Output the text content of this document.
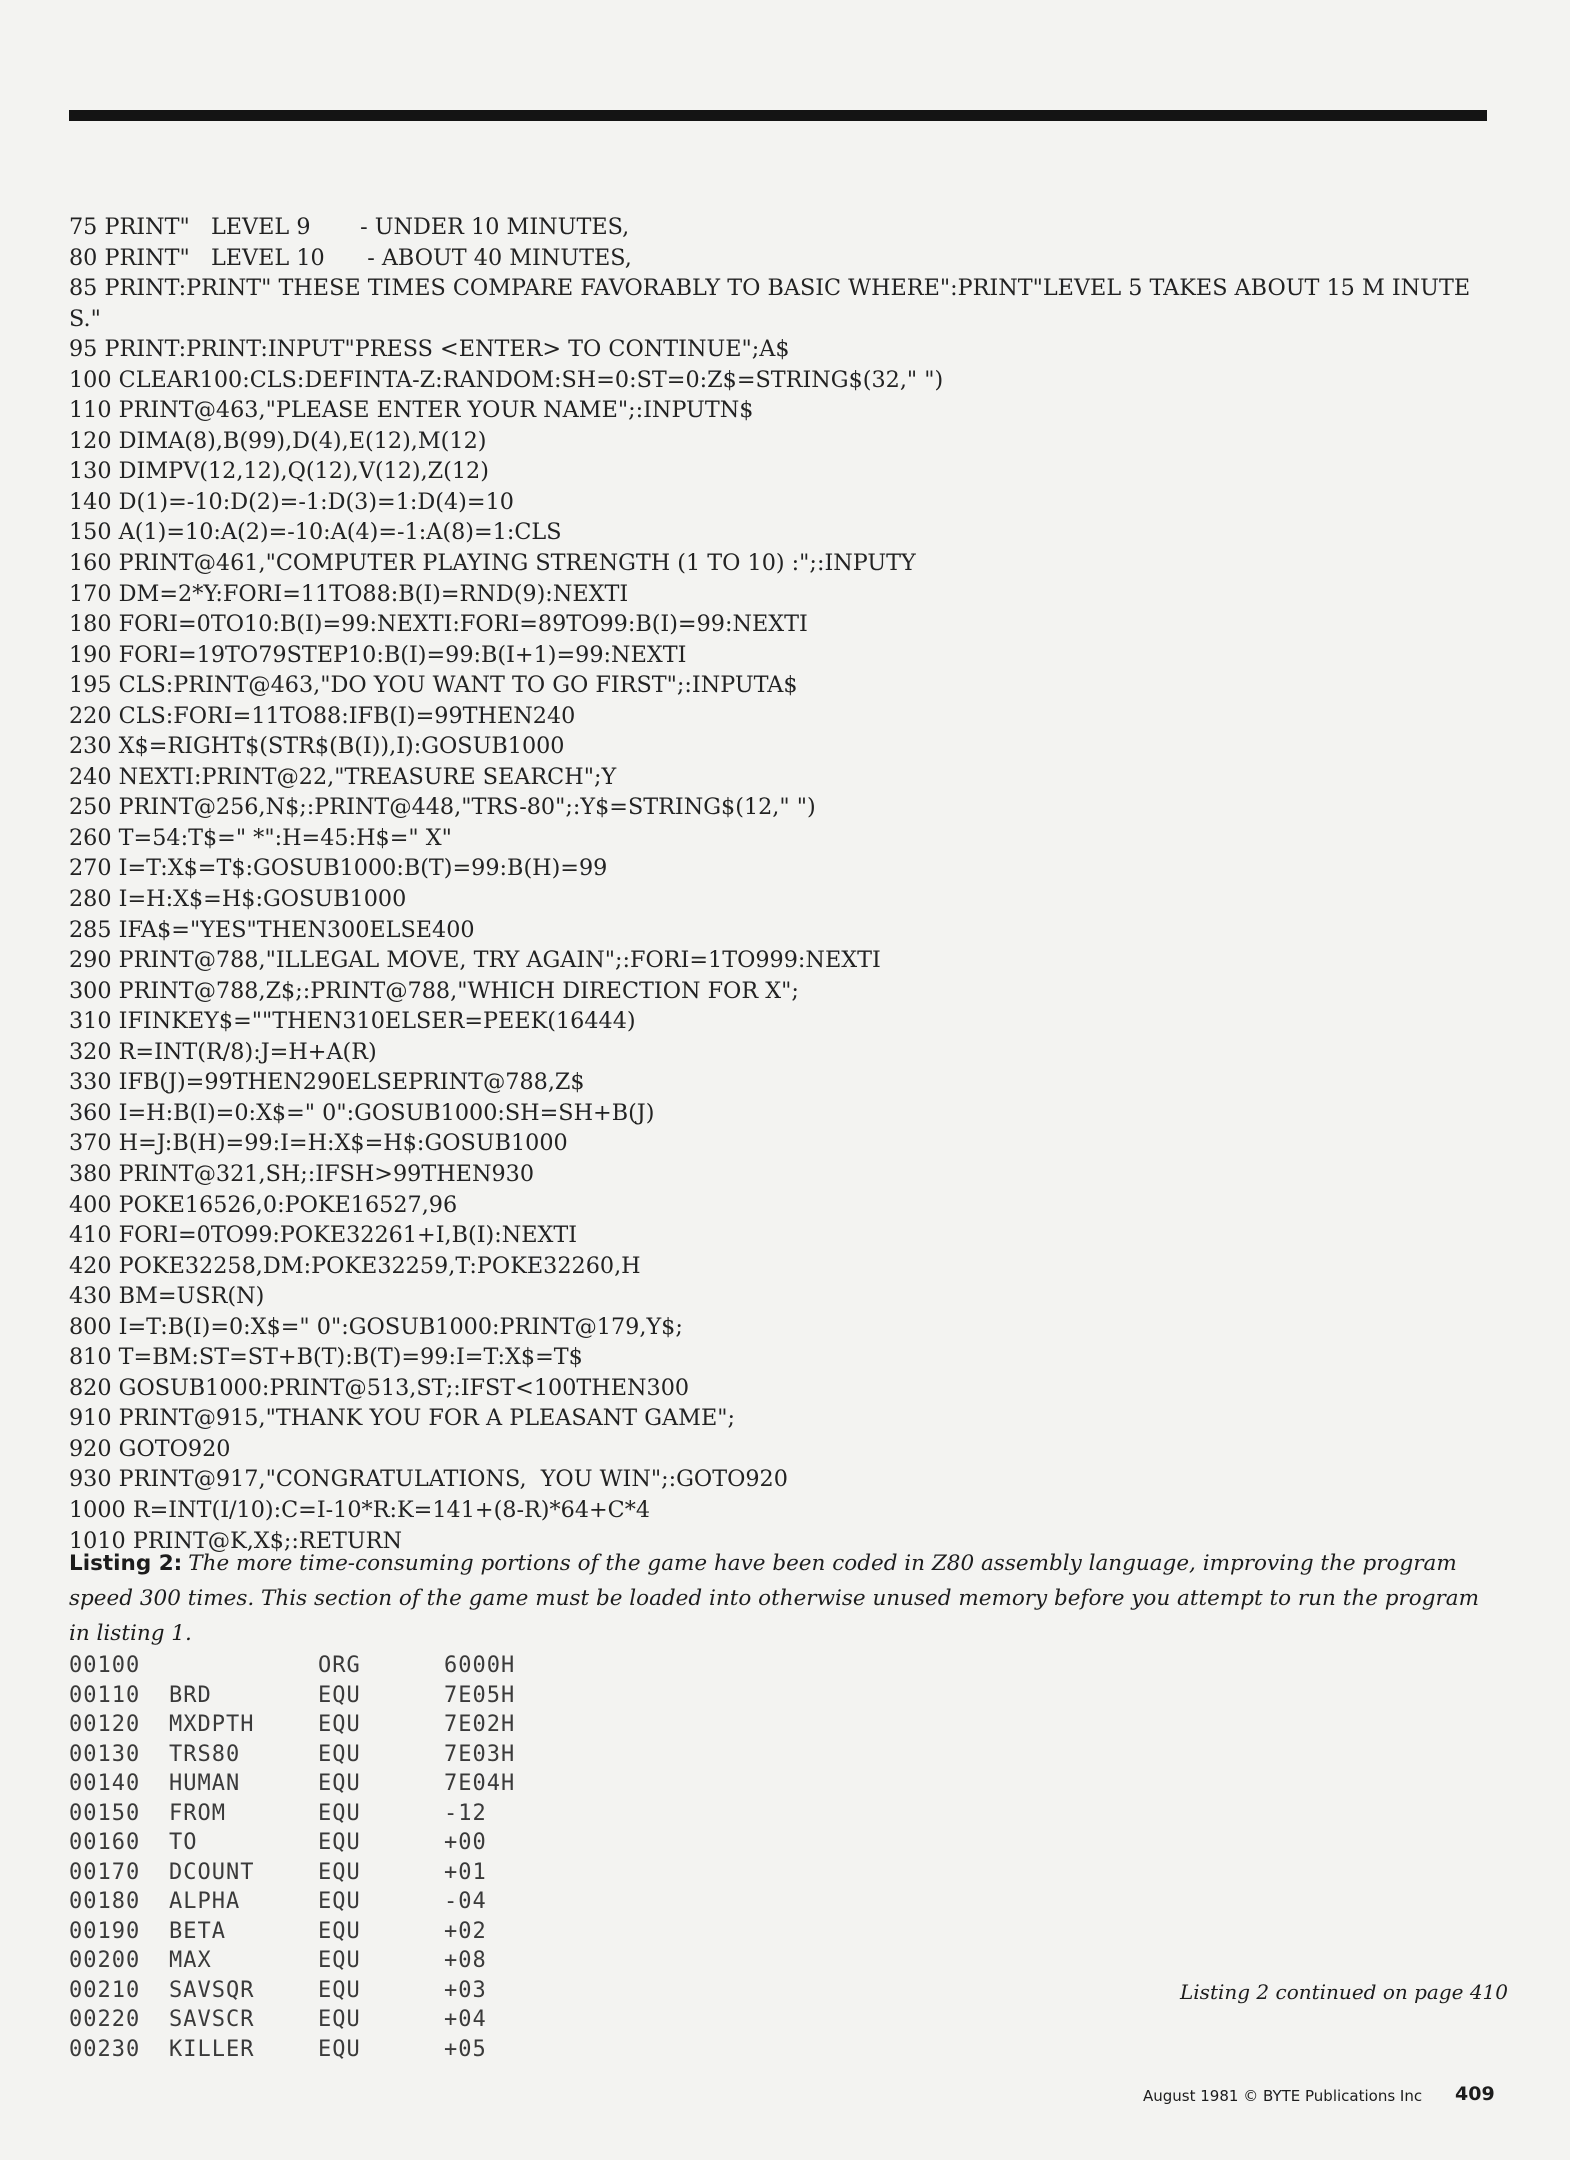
75 PRINT"   LEVEL 9       - UNDER 10 MINUTES,
80 PRINT"   LEVEL 10      - ABOUT 40 MINUTES,
85 PRINT:PRINT" THESE TIMES COMPARE FAVORABLY TO BASIC WHERE":PRINT"LEVEL 5 TAKES ABOUT 15 M INUTES."
95 PRINT:PRINT:INPUT"PRESS <ENTER> TO CONTINUE";A$
100 CLEAR100:CLS:DEFINTA-Z:RANDOM:SH=0:ST=0:Z$=STRING$(32," ")
110 PRINT@463,"PLEASE ENTER YOUR NAME";:INPUTN$
120 DIMA(8),B(99),D(4),E(12),M(12)
130 DIMPV(12,12),Q(12),V(12),Z(12)
140 D(1)=-10:D(2)=-1:D(3)=1:D(4)=10
150 A(1)=10:A(2)=-10:A(4)=-1:A(8)=1:CLS
160 PRINT@461,"COMPUTER PLAYING STRENGTH (1 TO 10) :";:INPUTY
170 DM=2*Y:FORI=11TO88:B(I)=RND(9):NEXTI
180 FORI=0TO10:B(I)=99:NEXTI:FORI=89TO99:B(I)=99:NEXTI
190 FORI=19TO79STEP10:B(I)=99:B(I+1)=99:NEXTI
195 CLS:PRINT@463,"DO YOU WANT TO GO FIRST";:INPUTA$
220 CLS:FORI=11TO88:IFB(I)=99THEN240
230 X$=RIGHT$(STR$(B(I)),I):GOSUB1000
240 NEXTI:PRINT@22,"TREASURE SEARCH";Y
250 PRINT@256,N$;:PRINT@448,"TRS-80";:Y$=STRING$(12," ")
260 T=54:T$=" *":H=45:H$=" X"
270 I=T:X$=T$:GOSUB1000:B(T)=99:B(H)=99
280 I=H:X$=H$:GOSUB1000
285 IFA$="YES"THEN300ELSE400
290 PRINT@788,"ILLEGAL MOVE, TRY AGAIN";:FORI=1TO999:NEXTI
300 PRINT@788,Z$;:PRINT@788,"WHICH DIRECTION FOR X";
310 IFINKEY$=""THEN310ELSER=PEEK(16444)
320 R=INT(R/8):J=H+A(R)
330 IFB(J)=99THEN290ELSEPRINT@788,Z$
360 I=H:B(I)=0:X$=" 0":GOSUB1000:SH=SH+B(J)
370 H=J:B(H)=99:I=H:X$=H$:GOSUB1000
380 PRINT@321,SH;:IFSH>99THEN930
400 POKE16526,0:POKE16527,96
410 FORI=0TO99:POKE32261+I,B(I):NEXTI
420 POKE32258,DM:POKE32259,T:POKE32260,H
430 BM=USR(N)
800 I=T:B(I)=0:X$=" 0":GOSUB1000:PRINT@179,Y$;
810 T=BM:ST=ST+B(T):B(T)=99:I=T:X$=T$
820 GOSUB1000:PRINT@513,ST;:IFST<100THEN300
910 PRINT@915,"THANK YOU FOR A PLEASANT GAME";
920 GOTO920
930 PRINT@917,"CONGRATULATIONS,  YOU WIN";:GOTO920
1000 R=INT(I/10):C=I-10*R:K=141+(8-R)*64+C*4
1010 PRINT@K,X$;:RETURN

Listing 2: The more time-consuming portions of the game have been coded in Z80 assembly language, improving the program speed 300 times. This section of the game must be loaded into otherwise unused memory before you attempt to run the program in listing 1.

00100	ORG	6000H
00110 BRD	EQU	7E05H
00120 MXDPTH	EQU	7E02H
00130 TRS80	EQU	7E03H
00140 HUMAN	EQU	7E04H
00150 FROM	EQU	-12
00160 TO	EQU	+00
00170 DCOUNT	EQU	+01
00180 ALPHA	EQU	-04
00190 BETA	EQU	+02
00200 MAX	EQU	+08
00210 SAVSQR	EQU	+03
00220 SAVSCR	EQU	+04
00230 KILLER	EQU	+05
Listing 2 continued on page 410
August 1981 © BYTE Publications Inc 409
